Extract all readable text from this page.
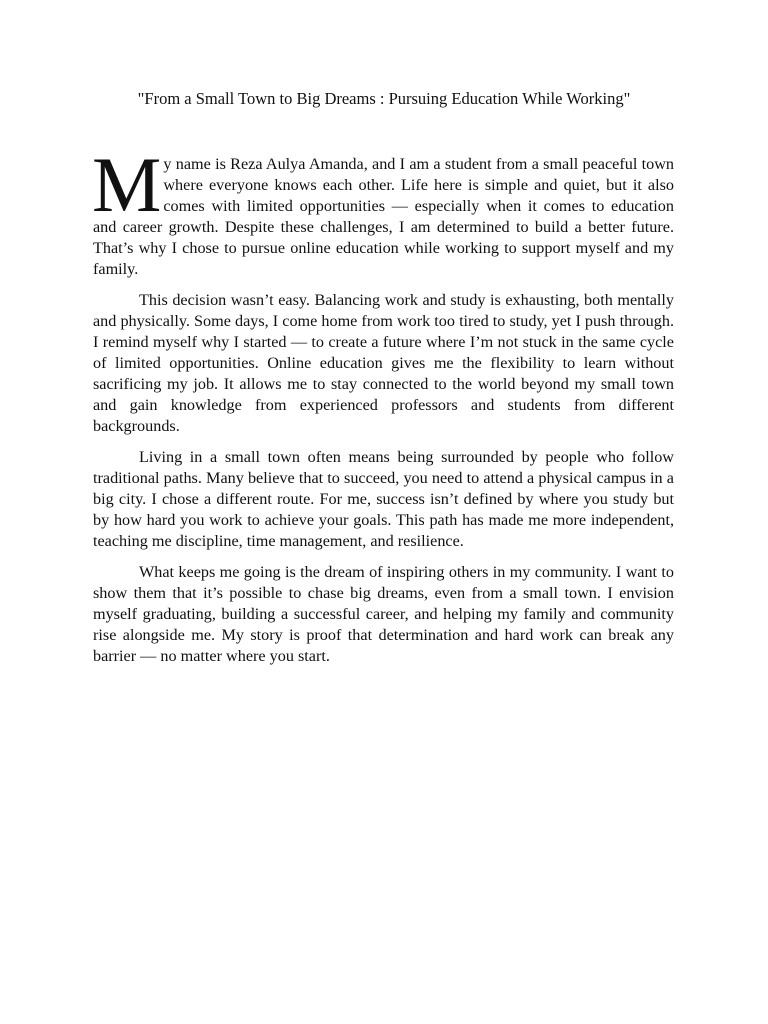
"From a Small Town to Big Dreams : Pursuing Education While Working"

My name is Reza Aulya Amanda, and I am a student from a small peaceful town where everyone knows each other. Life here is simple and quiet, but it also comes with limited opportunities — especially when it comes to education and career growth. Despite these challenges, I am determined to build a better future. That’s why I chose to pursue online education while working to support myself and my family.

This decision wasn’t easy. Balancing work and study is exhausting, both mentally and physically. Some days, I come home from work too tired to study, yet I push through. I remind myself why I started — to create a future where I’m not stuck in the same cycle of limited opportunities. Online education gives me the flexibility to learn without sacrificing my job. It allows me to stay connected to the world beyond my small town and gain knowledge from experienced professors and students from different backgrounds.

Living in a small town often means being surrounded by people who follow traditional paths. Many believe that to succeed, you need to attend a physical campus in a big city. I chose a different route. For me, success isn’t defined by where you study but by how hard you work to achieve your goals. This path has made me more independent, teaching me discipline, time management, and resilience.

What keeps me going is the dream of inspiring others in my community. I want to show them that it’s possible to chase big dreams, even from a small town. I envision myself graduating, building a successful career, and helping my family and community rise alongside me. My story is proof that determination and hard work can break any barrier — no matter where you start.
